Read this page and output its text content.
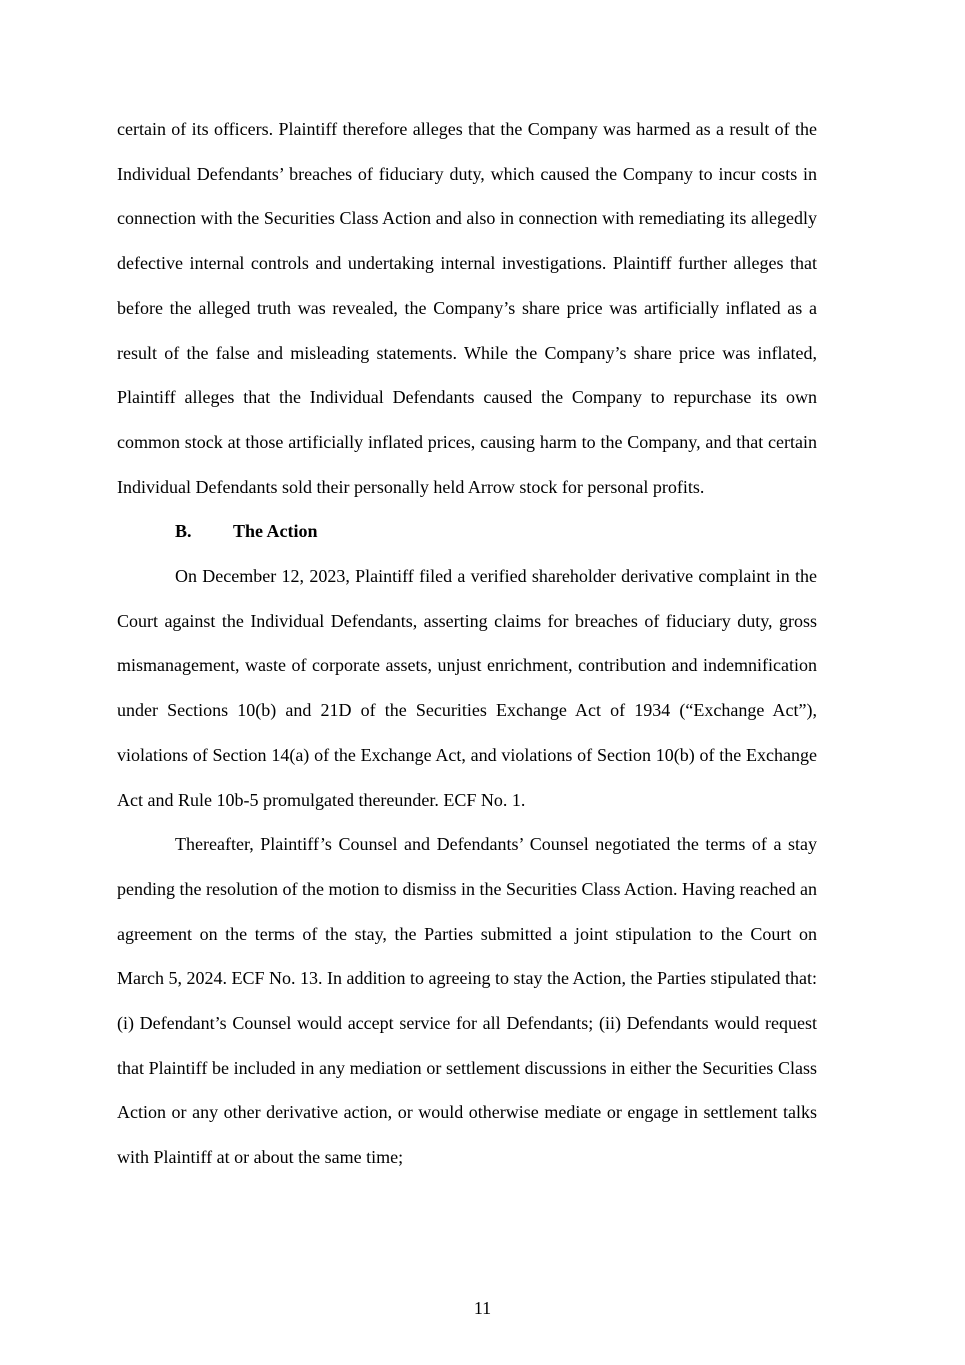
certain of its officers. Plaintiff therefore alleges that the Company was harmed as a result of the Individual Defendants’ breaches of fiduciary duty, which caused the Company to incur costs in connection with the Securities Class Action and also in connection with remediating its allegedly defective internal controls and undertaking internal investigations. Plaintiff further alleges that before the alleged truth was revealed, the Company’s share price was artificially inflated as a result of the false and misleading statements. While the Company’s share price was inflated, Plaintiff alleges that the Individual Defendants caused the Company to repurchase its own common stock at those artificially inflated prices, causing harm to the Company, and that certain Individual Defendants sold their personally held Arrow stock for personal profits.

B. The Action

On December 12, 2023, Plaintiff filed a verified shareholder derivative complaint in the Court against the Individual Defendants, asserting claims for breaches of fiduciary duty, gross mismanagement, waste of corporate assets, unjust enrichment, contribution and indemnification under Sections 10(b) and 21D of the Securities Exchange Act of 1934 (“Exchange Act”), violations of Section 14(a) of the Exchange Act, and violations of Section 10(b) of the Exchange Act and Rule 10b-5 promulgated thereunder. ECF No. 1.

Thereafter, Plaintiff’s Counsel and Defendants’ Counsel negotiated the terms of a stay pending the resolution of the motion to dismiss in the Securities Class Action. Having reached an agreement on the terms of the stay, the Parties submitted a joint stipulation to the Court on March 5, 2024. ECF No. 13. In addition to agreeing to stay the Action, the Parties stipulated that: (i) Defendant’s Counsel would accept service for all Defendants; (ii) Defendants would request that Plaintiff be included in any mediation or settlement discussions in either the Securities Class Action or any other derivative action, or would otherwise mediate or engage in settlement talks with Plaintiff at or about the same time;

11
